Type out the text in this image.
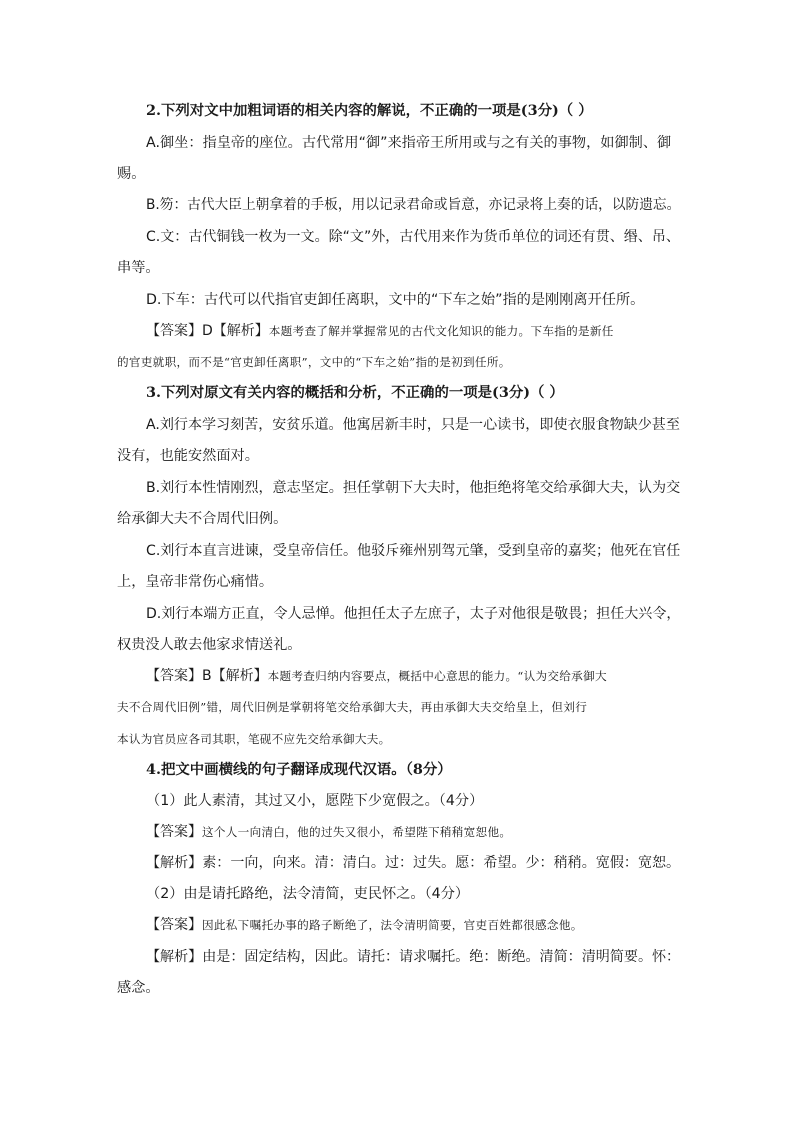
2.下列对文中加粗词语的相关内容的解说，不正确的一项是(3分)（ ）
A.御坐：指皇帝的座位。古代常用“御”来指帝王所用或与之有关的事物，如御制、御
赐。
B.笏：古代大臣上朝拿着的手板，用以记录君命或旨意，亦记录将上奏的话，以防遗忘。
C.文：古代铜钱一枚为一文。除“文”外，古代用来作为货币单位的词还有贯、缗、吊、
串等。
D.下车：古代可以代指官吏卸任离职，文中的“下车之始”指的是刚刚离开任所。
【答案】D【解析】本题考查了解并掌握常见的古代文化知识的能力。下车指的是新任
的官吏就职，而不是“官吏卸任离职”，文中的“下车之始”指的是初到任所。
3.下列对原文有关内容的概括和分析，不正确的一项是(3分)（ ）
A.刘行本学习刻苦，安贫乐道。他寓居新丰时，只是一心读书，即使衣服食物缺少甚至
没有，也能安然面对。
B.刘行本性情刚烈，意志坚定。担任掌朝下大夫时，他拒绝将笔交给承御大夫，认为交
给承御大夫不合周代旧例。
C.刘行本直言进谏，受皇帝信任。他驳斥雍州别驾元肇，受到皇帝的嘉奖；他死在官任
上，皇帝非常伤心痛惜。
D.刘行本端方正直，令人忌惮。他担任太子左庶子，太子对他很是敬畏；担任大兴令，
权贵没人敢去他家求情送礼。
【答案】B【解析】本题考查归纳内容要点，概括中心意思的能力。“认为交给承御大
夫不合周代旧例”错，周代旧例是掌朝将笔交给承御大夫，再由承御大夫交给皇上，但刘行
本认为官员应各司其职，笔砚不应先交给承御大夫。
4.把文中画横线的句子翻译成现代汉语。（8分）
（1）此人素清，其过又小，愿陛下少宽假之。（4分）
【答案】这个人一向清白，他的过失又很小，希望陛下稍稍宽恕他。
【解析】素：一向，向来。清：清白。过：过失。愿：希望。少：稍稍。宽假：宽恕。
（2）由是请托路绝，法令清简，吏民怀之。（4分）
【答案】因此私下嘱托办事的路子断绝了，法令清明简要，官吏百姓都很感念他。
【解析】由是：固定结构，因此。请托：请求嘱托。绝：断绝。清简：清明简要。怀：
感念。
